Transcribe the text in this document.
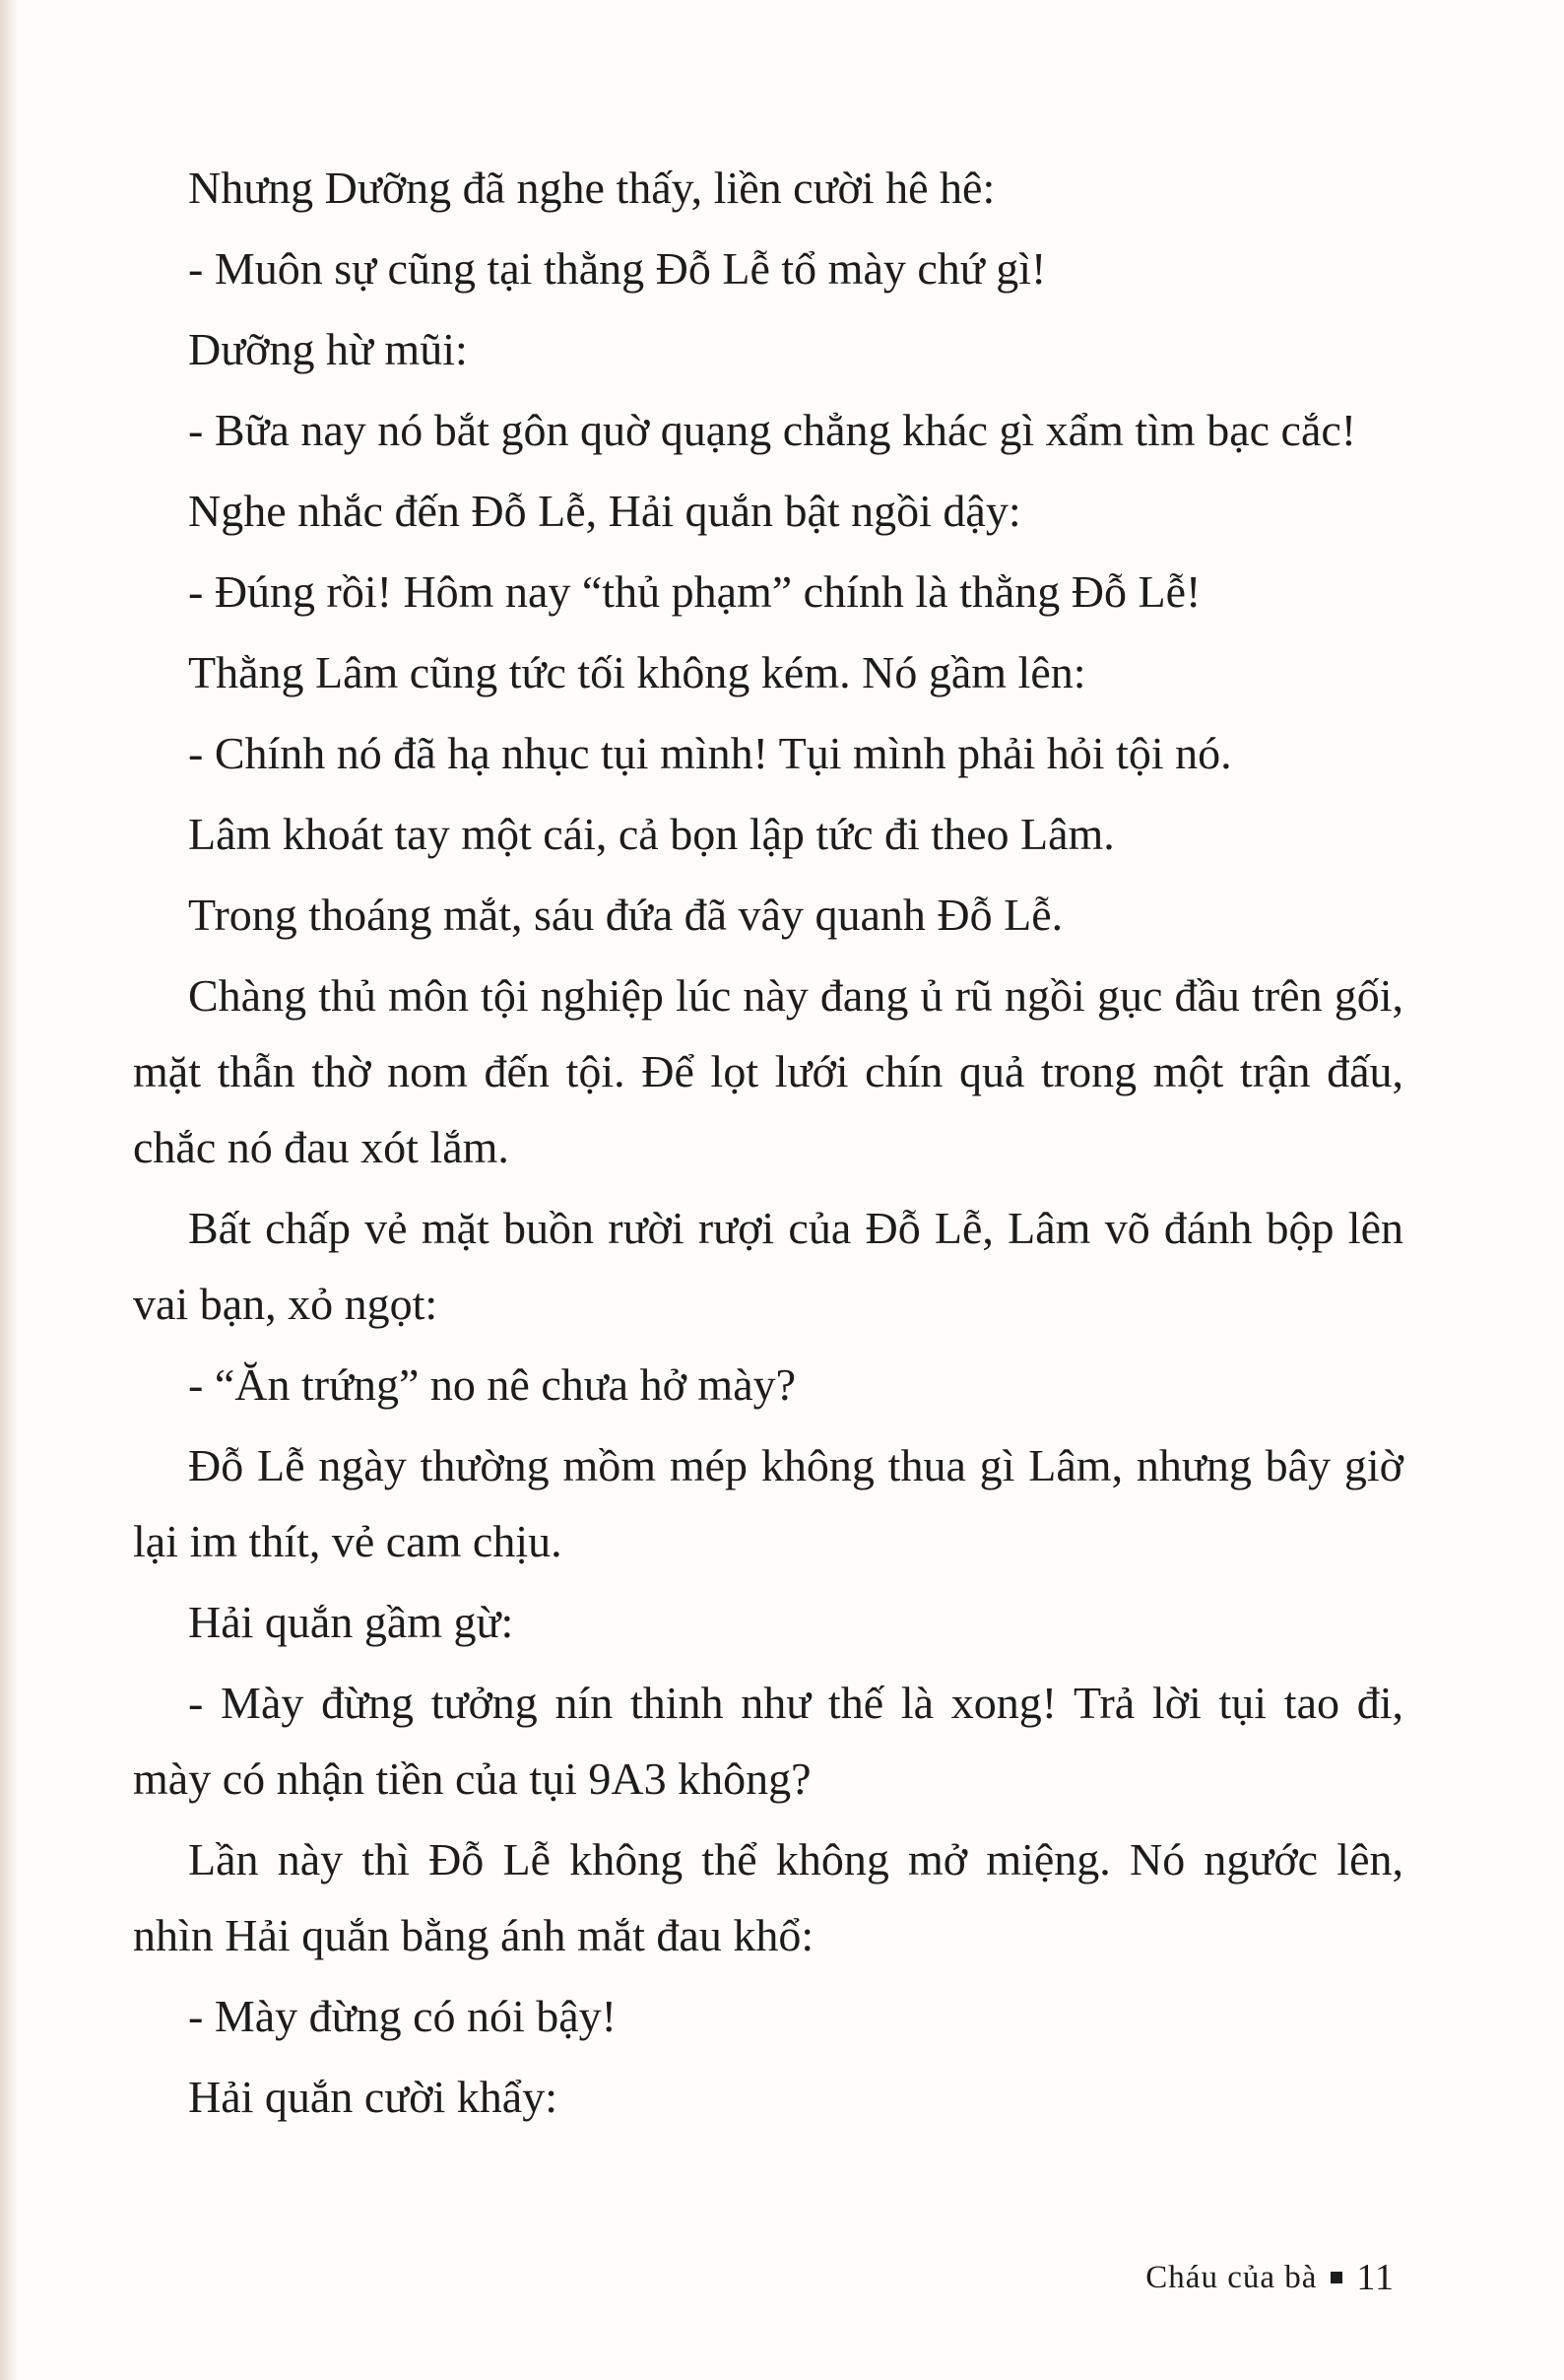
Nhưng Dưỡng đã nghe thấy, liền cười hê hê:

- Muôn sự cũng tại thằng Đỗ Lễ tổ mày chứ gì!

Dưỡng hừ mũi:

- Bữa nay nó bắt gôn quờ quạng chẳng khác gì xẩm tìm bạc cắc!

Nghe nhắc đến Đỗ Lễ, Hải quắn bật ngồi dậy:

- Đúng rồi! Hôm nay “thủ phạm” chính là thằng Đỗ Lễ!

Thằng Lâm cũng tức tối không kém. Nó gầm lên:

- Chính nó đã hạ nhục tụi mình! Tụi mình phải hỏi tội nó.

Lâm khoát tay một cái, cả bọn lập tức đi theo Lâm.

Trong thoáng mắt, sáu đứa đã vây quanh Đỗ Lễ.

Chàng thủ môn tội nghiệp lúc này đang ủ rũ ngồi gục đầu trên gối, mặt thẫn thờ nom đến tội. Để lọt lưới chín quả trong một trận đấu, chắc nó đau xót lắm.

Bất chấp vẻ mặt buồn rười rượi của Đỗ Lễ, Lâm võ đánh bộp lên vai bạn, xỏ ngọt:

- “Ăn trứng” no nê chưa hở mày?

Đỗ Lễ ngày thường mồm mép không thua gì Lâm, nhưng bây giờ lại im thít, vẻ cam chịu.

Hải quắn gầm gừ:

- Mày đừng tưởng nín thinh như thế là xong! Trả lời tụi tao đi, mày có nhận tiền của tụi 9A3 không?

Lần này thì Đỗ Lễ không thể không mở miệng. Nó ngước lên, nhìn Hải quắn bằng ánh mắt đau khổ:

- Mày đừng có nói bậy!

Hải quắn cười khẩy:

Cháu của bà 11
